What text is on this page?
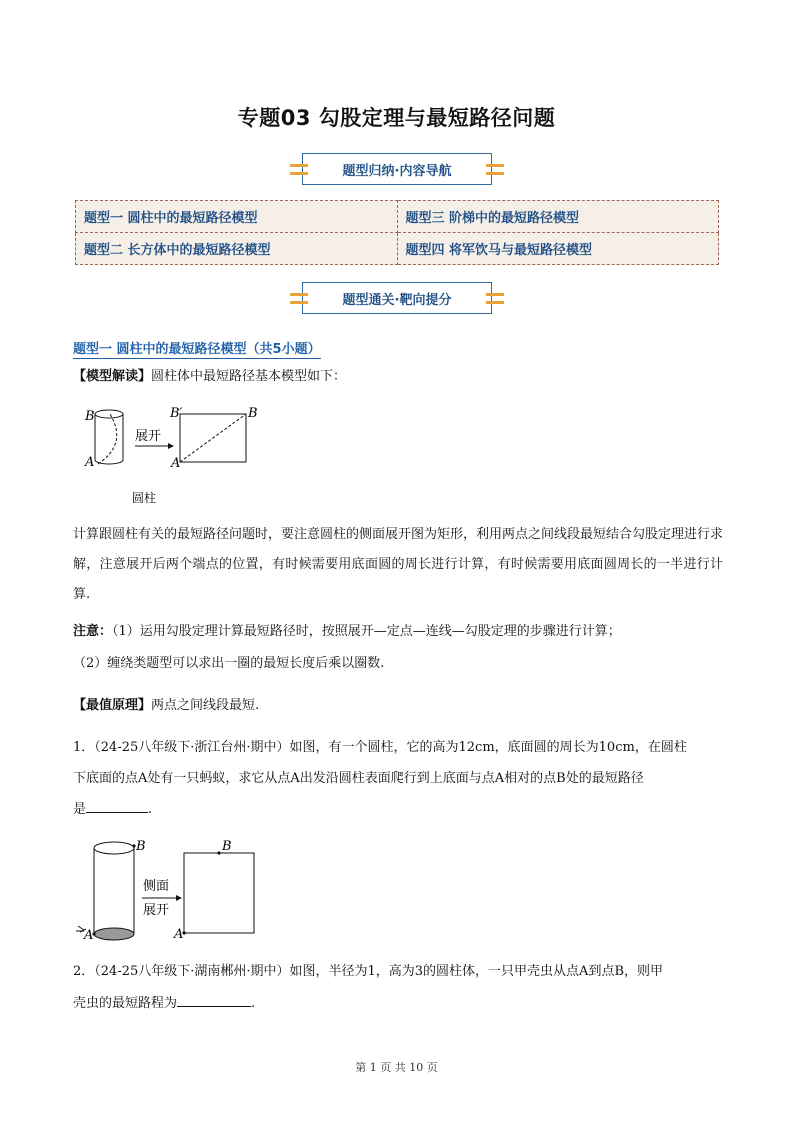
专题03 勾股定理与最短路径问题
题型归纳·内容导航
题型一 圆柱中的最短路径模型	题型三 阶梯中的最短路径模型
题型二 长方体中的最短路径模型	题型四 将军饮马与最短路径模型
题型通关·靶向提分
题型一 圆柱中的最短路径模型（共5小题）
【模型解读】圆柱体中最短路径基本模型如下：
B
A
展开
B′	B
A
圆柱
计算跟圆柱有关的最短路径问题时，要注意圆柱的侧面展开图为矩形，利用两点之间线段最短结合勾股定理进行求解，注意展开后两个端点的位置，有时候需要用底面圆的周长进行计算，有时候需要用底面圆周长的一半进行计算.
注意：（1）运用勾股定理计算最短路径时，按照展开—定点—连线—勾股定理的步骤进行计算；
（2）缠绕类题型可以求出一圈的最短长度后乘以圈数.
【最值原理】两点之间线段最短.
1．（24-25八年级下·浙江台州·期中）如图，有一个圆柱，它的高为12cm，底面圆的周长为10cm，在圆柱
下底面的点A处有一只蚂蚁，求它从点A出发沿圆柱表面爬行到上底面与点A相对的点B处的最短路径
是	.
B
A
侧面
展开
B
A
2．（24-25八年级下·湖南郴州·期中）如图，半径为1，高为3的圆柱体，一只甲壳虫从点A到点B，则甲
壳虫的最短路程为	.
第 1 页 共 10 页
